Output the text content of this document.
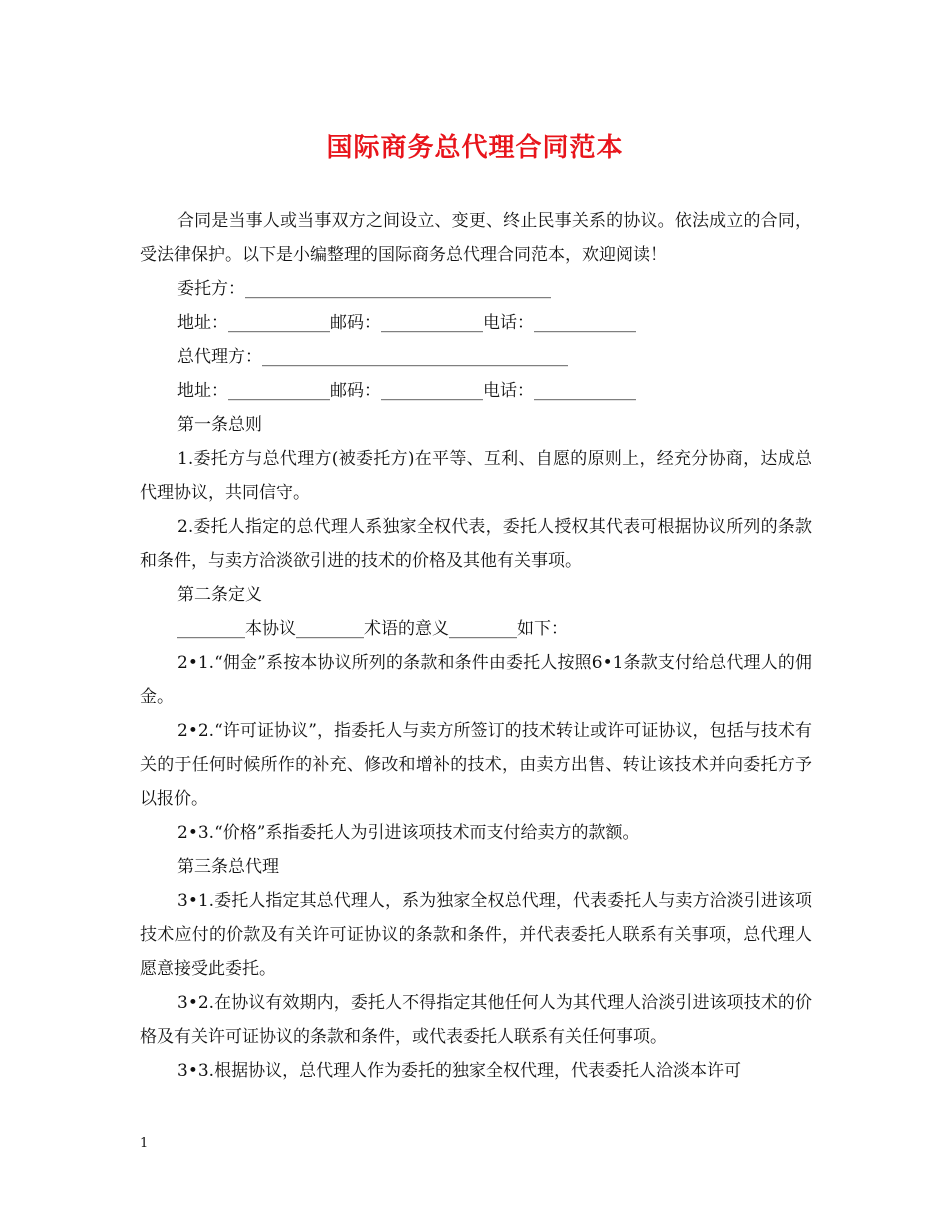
国际商务总代理合同范本

合同是当事人或当事双方之间设立、变更、终止民事关系的协议。依法成立的合同，受法律保护。以下是小编整理的国际商务总代理合同范本，欢迎阅读！

委托方：____________________________________

地址：____________邮码：____________电话：____________

总代理方：____________________________________

地址：____________邮码：____________电话：____________

第一条总则

1.委托方与总代理方(被委托方)在平等、互利、自愿的原则上，经充分协商，达成总代理协议，共同信守。

2.委托人指定的总代理人系独家全权代表，委托人授权其代表可根据协议所列的条款和条件，与卖方洽淡欲引进的技术的价格及其他有关事项。

第二条定义

________本协议________术语的意义________如下：

2•1.“佣金”系按本协议所列的条款和条件由委托人按照6•1条款支付给总代理人的佣金。

2•2.“许可证协议”，指委托人与卖方所签订的技术转让或许可证协议，包括与技术有关的于任何时候所作的补充、修改和增补的技术，由卖方出售、转让该技术并向委托方予以报价。

2•3.“价格”系指委托人为引进该项技术而支付给卖方的款额。

第三条总代理

3•1.委托人指定其总代理人，系为独家全权总代理，代表委托人与卖方洽淡引进该项技术应付的价款及有关许可证协议的条款和条件，并代表委托人联系有关事项，总代理人愿意接受此委托。

3•2.在协议有效期内，委托人不得指定其他任何人为其代理人洽淡引进该项技术的价格及有关许可证协议的条款和条件，或代表委托人联系有关任何事项。

3•3.根据协议，总代理人作为委托的独家全权代理，代表委托人洽淡本许可

1
